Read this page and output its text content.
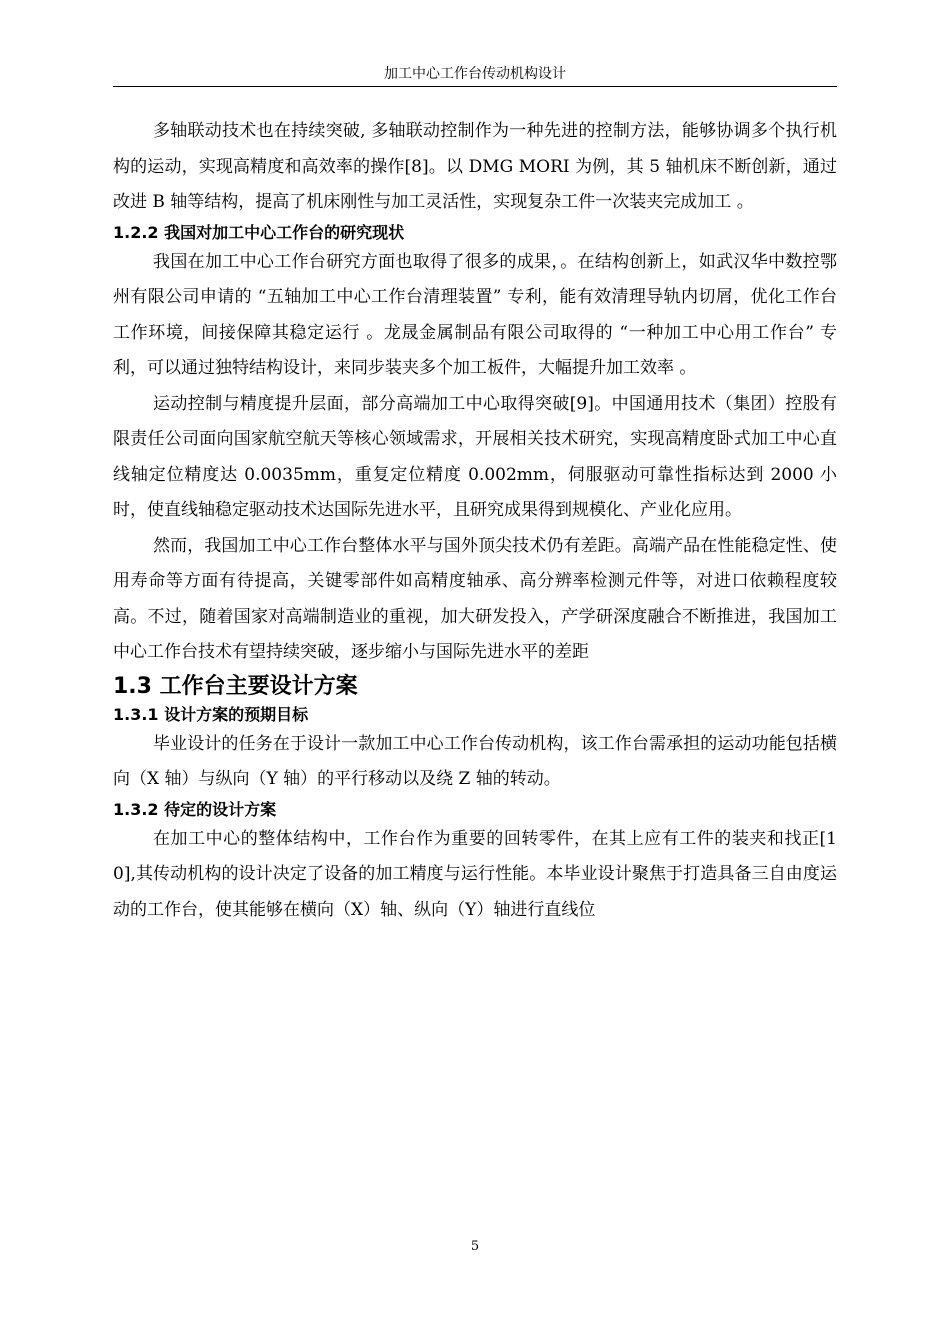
加工中心工作台传动机构设计

多轴联动技术也在持续突破, 多轴联动控制作为一种先进的控制方法，能够协调多个执行机构的运动，实现高精度和高效率的操作[8]。以 DMG MORI 为例，其 5 轴机床不断创新，通过改进 B 轴等结构，提高了机床刚性与加工灵活性，实现复杂工件一次装夹完成加工 。

1.2.2 我国对加工中心工作台的研究现状

我国在加工中心工作台研究方面也取得了很多的成果，。在结构创新上，如武汉华中数控鄂州有限公司申请的 “五轴加工中心工作台清理装置” 专利，能有效清理导轨内切屑，优化工作台工作环境，间接保障其稳定运行 。龙晟金属制品有限公司取得的 “一种加工中心用工作台” 专利，可以通过独特结构设计，来同步装夹多个加工板件，大幅提升加工效率 。

运动控制与精度提升层面，部分高端加工中心取得突破[9]。中国通用技术（集团）控股有限责任公司面向国家航空航天等核心领域需求，开展相关技术研究，实现高精度卧式加工中心直线轴定位精度达 0.0035mm，重复定位精度 0.002mm，伺服驱动可靠性指标达到 2000 小时，使直线轴稳定驱动技术达国际先进水平，且研究成果得到规模化、产业化应用。

然而，我国加工中心工作台整体水平与国外顶尖技术仍有差距。高端产品在性能稳定性、使用寿命等方面有待提高，关键零部件如高精度轴承、高分辨率检测元件等，对进口依赖程度较高。不过，随着国家对高端制造业的重视，加大研发投入，产学研深度融合不断推进，我国加工中心工作台技术有望持续突破，逐步缩小与国际先进水平的差距

1.3 工作台主要设计方案
1.3.1 设计方案的预期目标

毕业设计的任务在于设计一款加工中心工作台传动机构，该工作台需承担的运动功能包括横向（X 轴）与纵向（Y 轴）的平行移动以及绕 Z 轴的转动。

1.3.2 待定的设计方案

在加工中心的整体结构中，工作台作为重要的回转零件，在其上应有工件的装夹和找正[10],其传动机构的设计决定了设备的加工精度与运行性能。本毕业设计聚焦于打造具备三自由度运动的工作台，使其能够在横向（X）轴、纵向（Y）轴进行直线位

5
